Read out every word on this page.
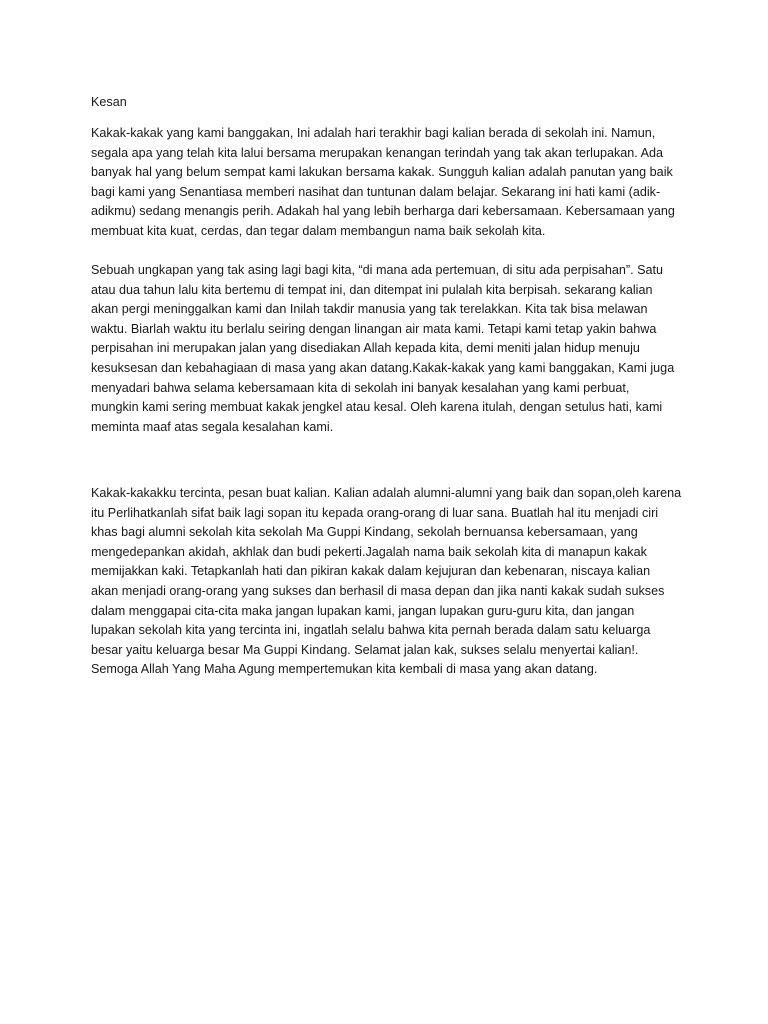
Kesan
Kakak-kakak yang kami banggakan, Ini adalah hari terakhir bagi kalian berada di sekolah ini. Namun,
segala apa yang telah kita lalui bersama merupakan kenangan terindah yang tak akan terlupakan. Ada
banyak hal yang belum sempat kami lakukan bersama kakak. Sungguh kalian adalah panutan yang baik
bagi kami yang Senantiasa memberi nasihat dan tuntunan dalam belajar. Sekarang ini hati kami (adik-
adikmu) sedang menangis perih. Adakah hal yang lebih berharga dari kebersamaan. Kebersamaan yang
membuat kita kuat, cerdas, dan tegar dalam membangun nama baik sekolah kita.
Sebuah ungkapan yang tak asing lagi bagi kita, “di mana ada pertemuan, di situ ada perpisahan”. Satu
atau dua tahun lalu kita bertemu di tempat ini, dan ditempat ini pulalah kita berpisah. sekarang kalian
akan pergi meninggalkan kami dan Inilah takdir manusia yang tak terelakkan. Kita tak bisa melawan
waktu. Biarlah waktu itu berlalu seiring dengan linangan air mata kami. Tetapi kami tetap yakin bahwa
perpisahan ini merupakan jalan yang disediakan Allah kepada kita, demi meniti jalan hidup menuju
kesuksesan dan kebahagiaan di masa yang akan datang.Kakak-kakak yang kami banggakan, Kami juga
menyadari bahwa selama kebersamaan kita di sekolah ini banyak kesalahan yang kami perbuat,
mungkin kami sering membuat kakak jengkel atau kesal. Oleh karena itulah, dengan setulus hati, kami
meminta maaf atas segala kesalahan kami.
Kakak-kakakku tercinta, pesan buat kalian. Kalian adalah alumni-alumni yang baik dan sopan,oleh karena
itu Perlihatkanlah sifat baik lagi sopan itu kepada orang-orang di luar sana. Buatlah hal itu menjadi ciri
khas bagi alumni sekolah kita sekolah Ma Guppi Kindang, sekolah bernuansa kebersamaan, yang
mengedepankan akidah, akhlak dan budi pekerti.Jagalah nama baik sekolah kita di manapun kakak
memijakkan kaki. Tetapkanlah hati dan pikiran kakak dalam kejujuran dan kebenaran, niscaya kalian
akan menjadi orang-orang yang sukses dan berhasil di masa depan dan jika nanti kakak sudah sukses
dalam menggapai cita-cita maka jangan lupakan kami, jangan lupakan guru-guru kita, dan jangan
lupakan sekolah kita yang tercinta ini, ingatlah selalu bahwa kita pernah berada dalam satu keluarga
besar yaitu keluarga besar Ma Guppi Kindang. Selamat jalan kak, sukses selalu menyertai kalian!.
Semoga Allah Yang Maha Agung mempertemukan kita kembali di masa yang akan datang.
